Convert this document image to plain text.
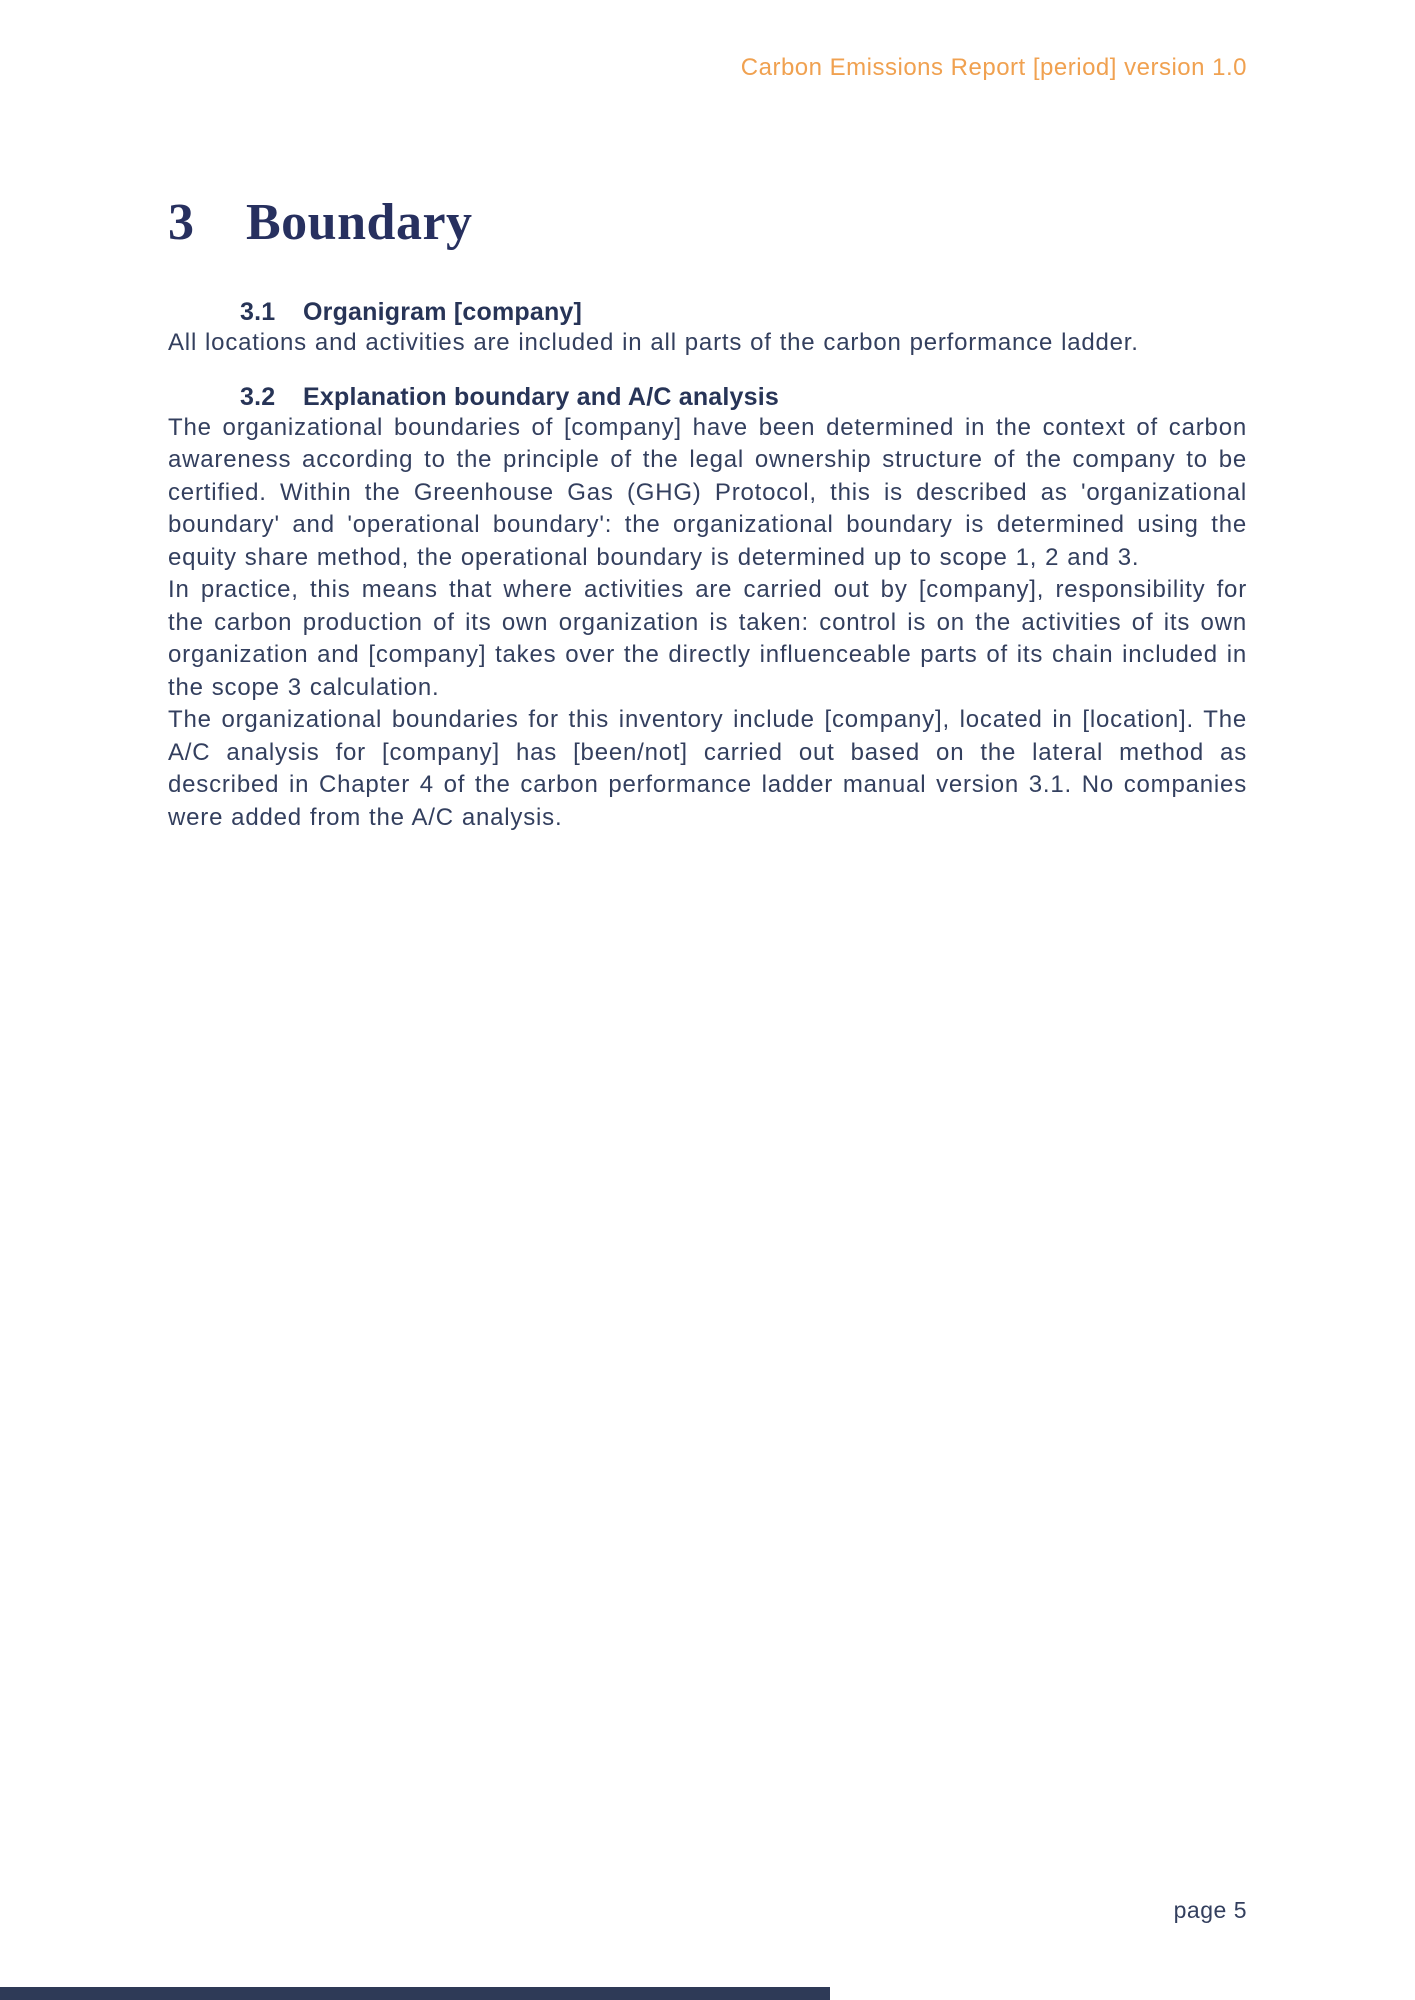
Carbon Emissions Report [period] version 1.0
3 Boundary
3.1 Organigram [company]

All locations and activities are included in all parts of the carbon performance ladder.

3.2 Explanation boundary and A/C analysis

The organizational boundaries of [company] have been determined in the context of carbon awareness according to the principle of the legal ownership structure of the company to be certified. Within the Greenhouse Gas (GHG) Protocol, this is described as 'organizational boundary' and 'operational boundary': the organizational boundary is determined using the equity share method, the operational boundary is determined up to scope 1, 2 and 3.

In practice, this means that where activities are carried out by [company], responsibility for the carbon production of its own organization is taken: control is on the activities of its own organization and [company] takes over the directly influenceable parts of its chain included in the scope 3 calculation.

The organizational boundaries for this inventory include [company], located in [location]. The A/C analysis for [company] has [been/not] carried out based on the lateral method as described in Chapter 4 of the carbon performance ladder manual version 3.1. No companies were added from the A/C analysis.

page 5
